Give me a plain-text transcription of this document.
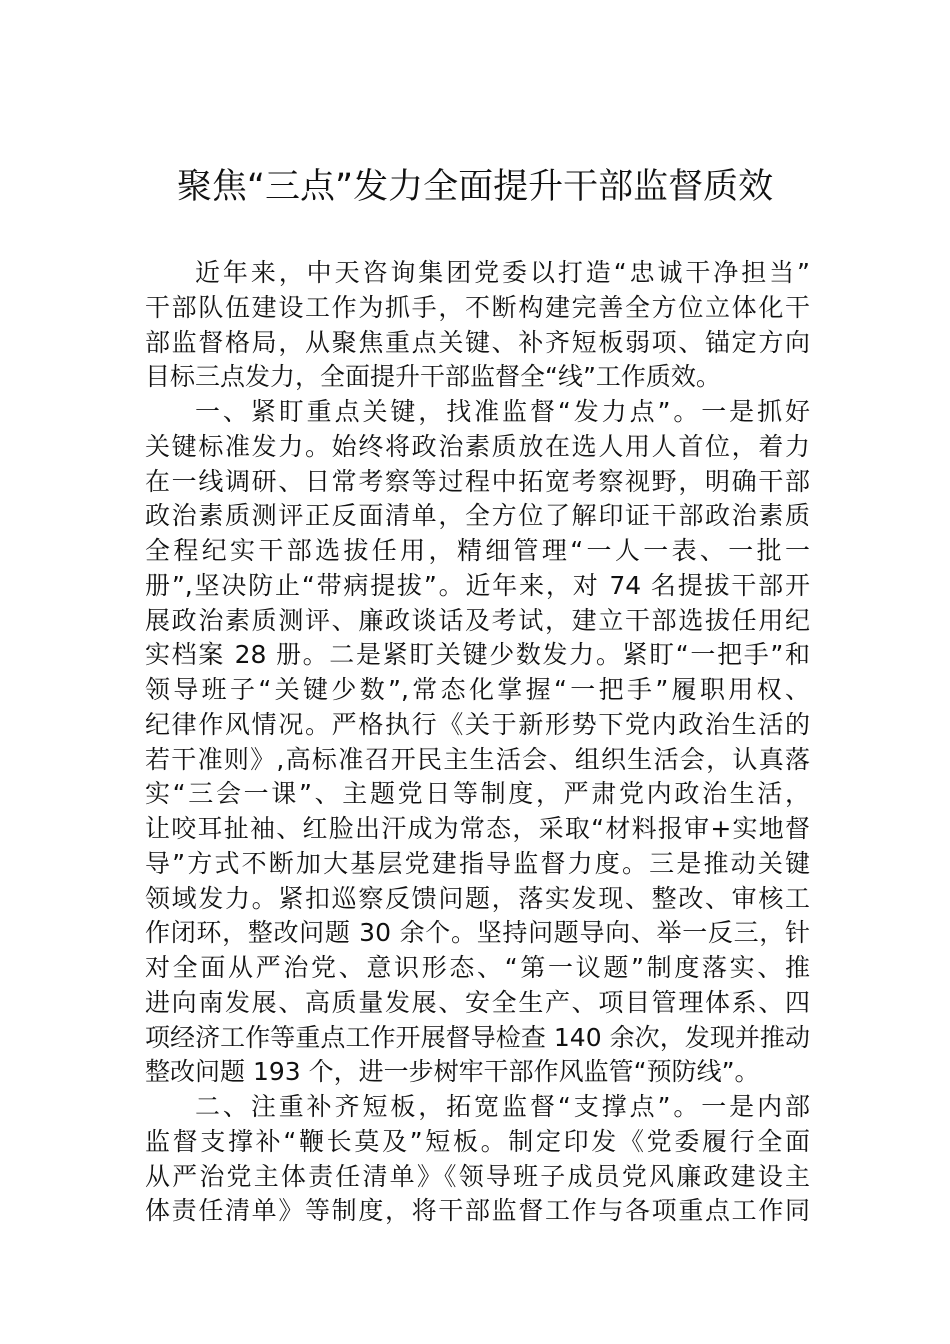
聚焦“三点”发力全面提升干部监督质效
近年来，中天咨询集团党委以打造“忠诚干净担当”
干部队伍建设工作为抓手，不断构建完善全方位立体化干
部监督格局，从聚焦重点关键、补齐短板弱项、锚定方向
目标三点发力，全面提升干部监督全“线”工作质效。
一、紧盯重点关键，找准监督“发力点”。一是抓好
关键标准发力。始终将政治素质放在选人用人首位，着力
在一线调研、日常考察等过程中拓宽考察视野，明确干部
政治素质测评正反面清单，全方位了解印证干部政治素质
全程纪实干部选拔任用，精细管理“一人一表、一批一
册”,坚决防止“带病提拔”。近年来，对 74 名提拔干部开
展政治素质测评、廉政谈话及考试，建立干部选拔任用纪
实档案 28 册。二是紧盯关键少数发力。紧盯“一把手”和
领导班子“关键少数”,常态化掌握“一把手”履职用权、
纪律作风情况。严格执行《关于新形势下党内政治生活的
若干准则》,高标准召开民主生活会、组织生活会，认真落
实“三会一课”、主题党日等制度，严肃党内政治生活，
让咬耳扯袖、红脸出汗成为常态，采取“材料报审+实地督
导”方式不断加大基层党建指导监督力度。三是推动关键
领域发力。紧扣巡察反馈问题，落实发现、整改、审核工
作闭环，整改问题 30 余个。坚持问题导向、举一反三，针
对全面从严治党、意识形态、“第一议题”制度落实、推
进向南发展、高质量发展、安全生产、项目管理体系、四
项经济工作等重点工作开展督导检查 140 余次，发现并推动
整改问题 193 个，进一步树牢干部作风监管“预防线”。
二、注重补齐短板，拓宽监督“支撑点”。一是内部
监督支撑补“鞭长莫及”短板。制定印发《党委履行全面
从严治党主体责任清单》《领导班子成员党风廉政建设主
体责任清单》等制度，将干部监督工作与各项重点工作同
